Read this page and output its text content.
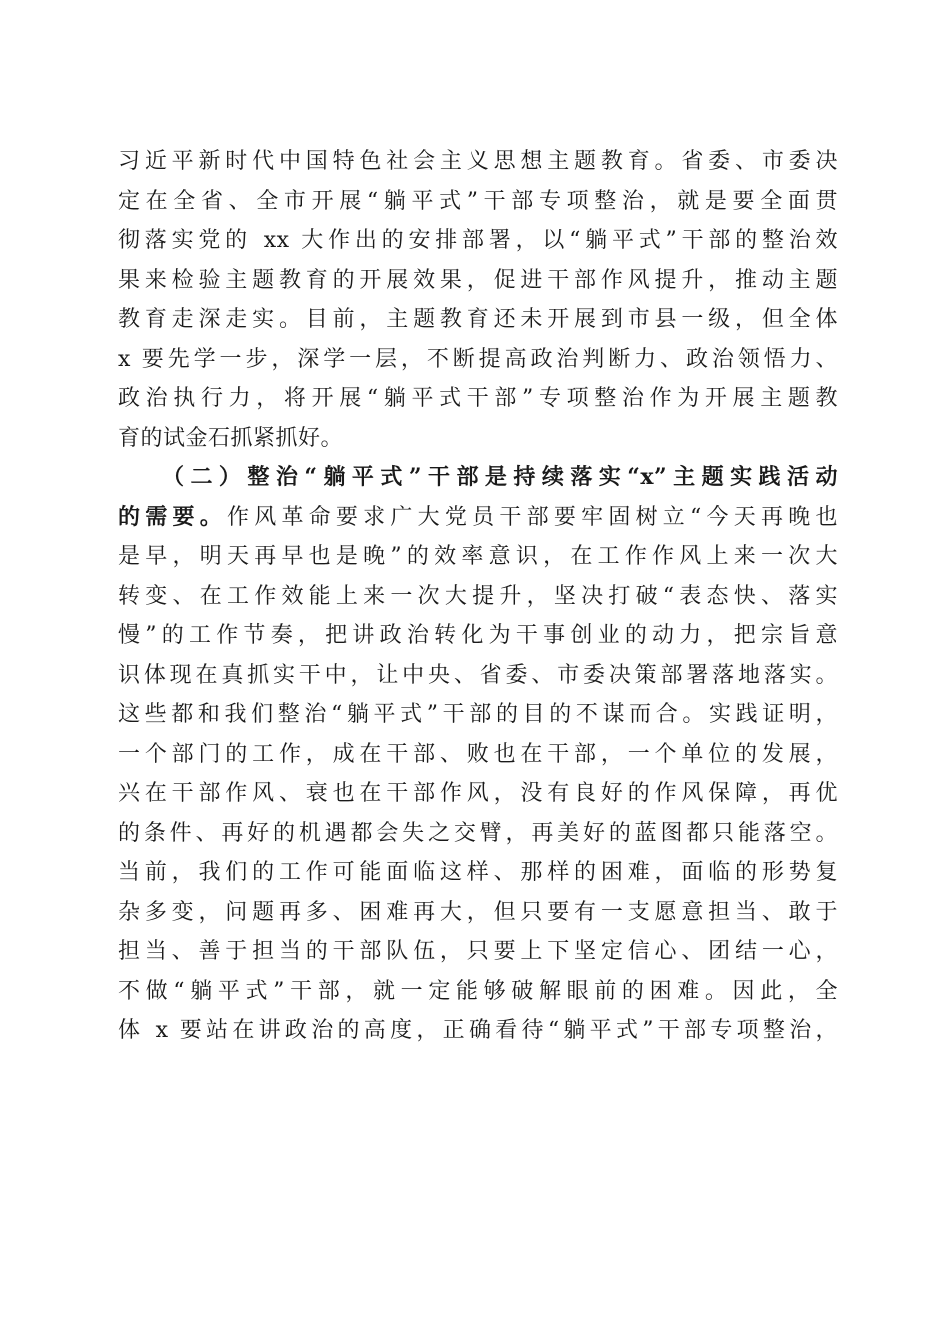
习近平新时代中国特色社会主义思想主题教育。省委、市委决
定在全省、全市开展“躺平式”干部专项整治，就是要全面贯
彻落实党的 xx 大作出的安排部署，以“躺平式”干部的整治效
果来检验主题教育的开展效果，促进干部作风提升，推动主题
教育走深走实。目前，主题教育还未开展到市县一级，但全体
x 要先学一步，深学一层，不断提高政治判断力、政治领悟力、
政治执行力，将开展“躺平式干部”专项整治作为开展主题教
育的试金石抓紧抓好。
（二）整治“躺平式”干部是持续落实“x”主题实践活动
的需要。作风革命要求广大党员干部要牢固树立“今天再晚也
是早，明天再早也是晚”的效率意识，在工作作风上来一次大
转变、在工作效能上来一次大提升，坚决打破“表态快、落实
慢”的工作节奏，把讲政治转化为干事创业的动力，把宗旨意
识体现在真抓实干中，让中央、省委、市委决策部署落地落实。
这些都和我们整治“躺平式”干部的目的不谋而合。实践证明，
一个部门的工作，成在干部、败也在干部，一个单位的发展，
兴在干部作风、衰也在干部作风，没有良好的作风保障，再优
的条件、再好的机遇都会失之交臂，再美好的蓝图都只能落空。
当前，我们的工作可能面临这样、那样的困难，面临的形势复
杂多变，问题再多、困难再大，但只要有一支愿意担当、敢于
担当、善于担当的干部队伍，只要上下坚定信心、团结一心，
不做“躺平式”干部，就一定能够破解眼前的困难。因此，全
体 x 要站在讲政治的高度，正确看待“躺平式”干部专项整治，
